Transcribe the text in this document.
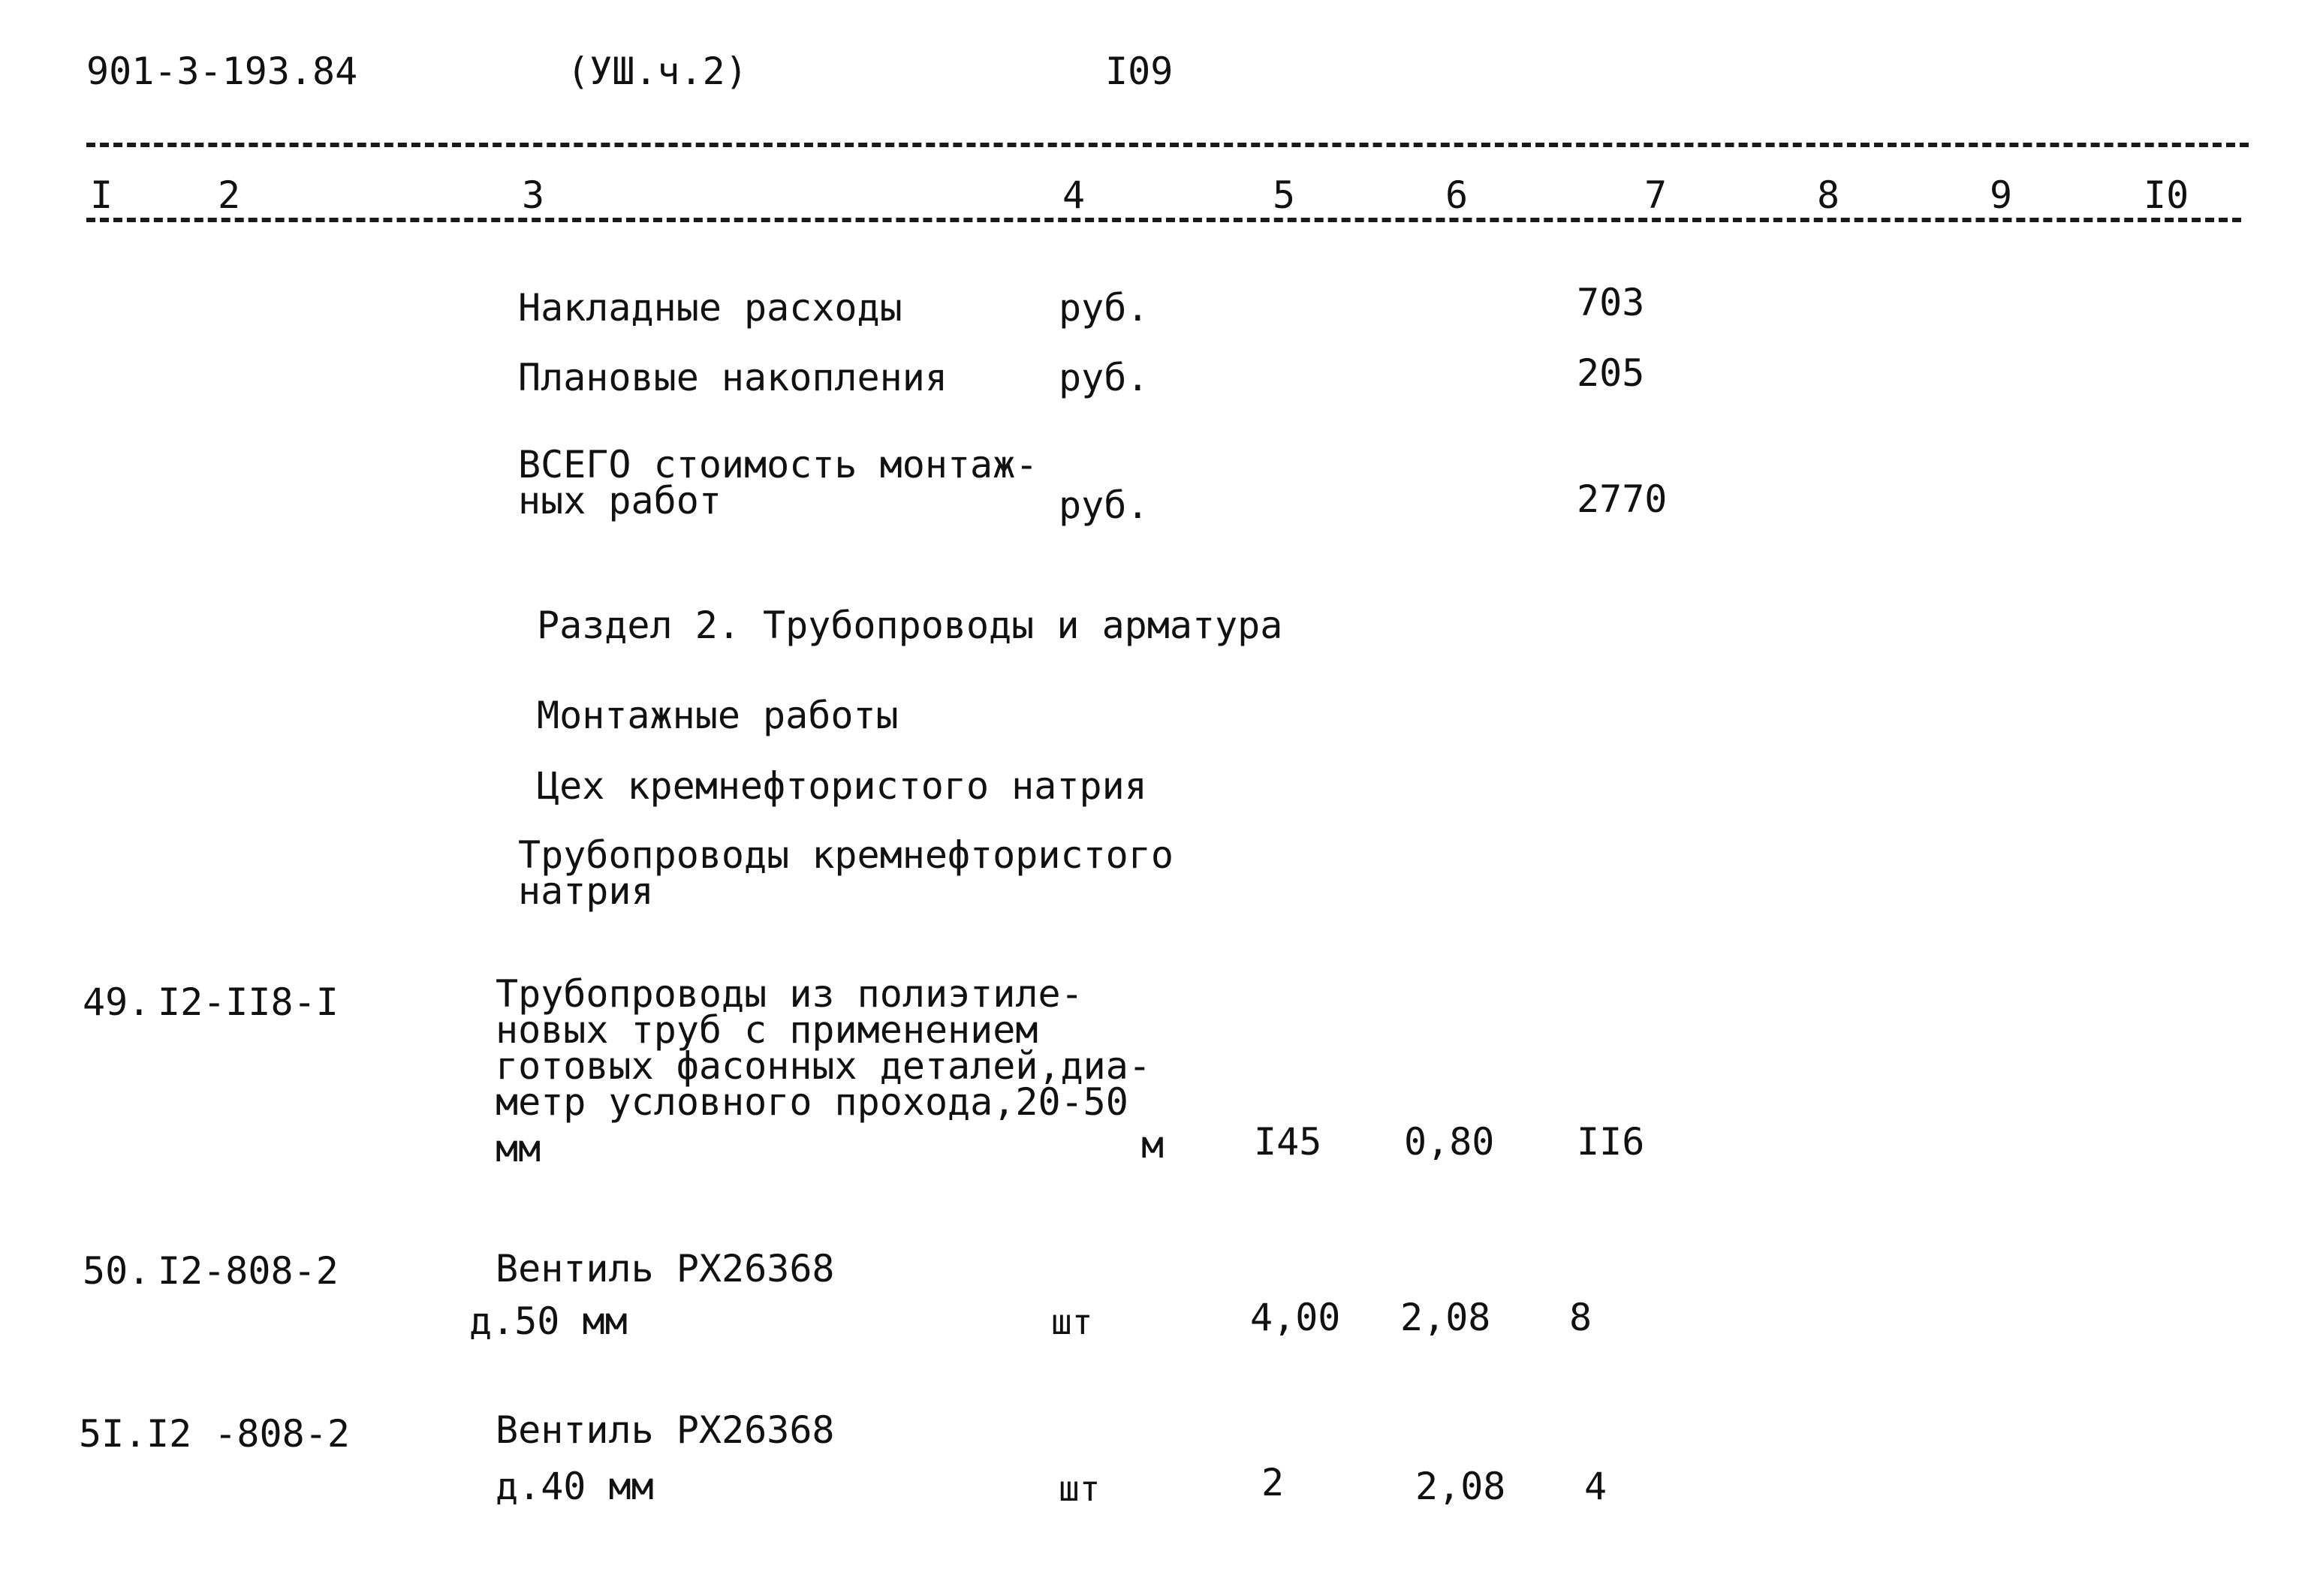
901-3-193.84	(УШ.ч.2)	I09
I	2	3	4	5	6	7	8	9	I0
Накладные расходы	руб.	703
Плановые накопления	руб.	205
ВСЕГО стоимость монтаж-
ных работ	руб.	2770
Раздел 2. Трубопроводы и арматура
Монтажные работы
Цех кремнефтористого натрия
Трубопроводы кремнефтористого
натрия
49. I2-II8-I	Трубопроводы из полиэтиле-
новых труб с применением
готовых фасонных деталей,диа-
метр условного прохода,20-50
мм	м I45 0,80 II6
50. I2-808-2	Вентиль РХ26368
д.50 мм	шт	4,00 2,08 8
5I. I2 -808-2	Вентиль РХ26368
д.40 мм	шт	2	2,08 4
